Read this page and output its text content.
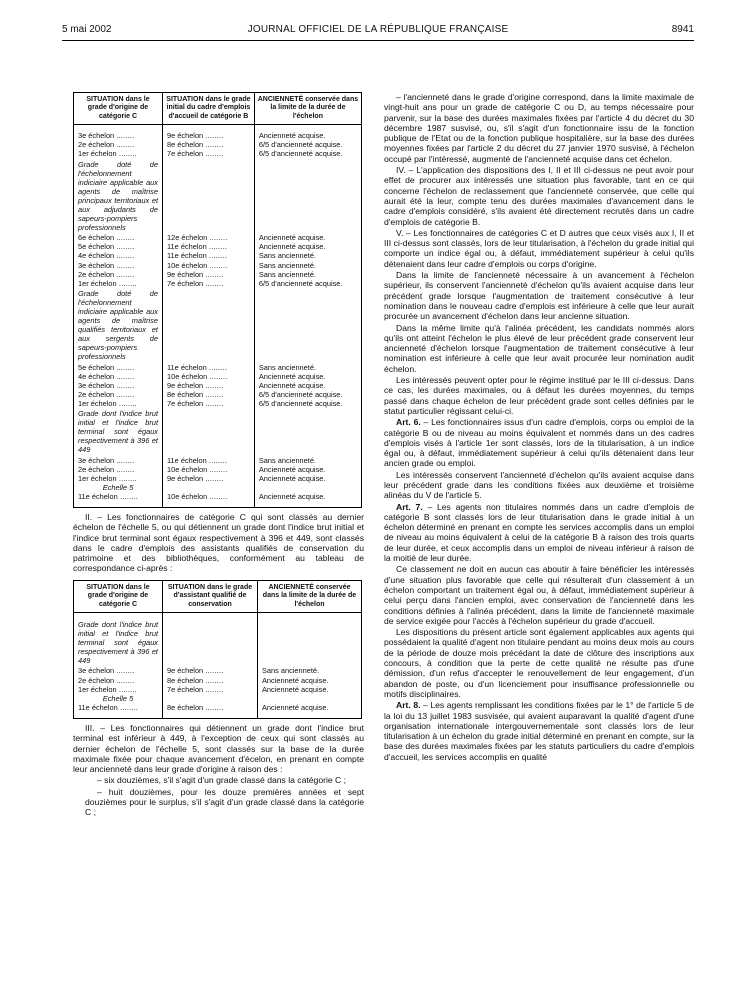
5 mai 2002	JOURNAL OFFICIEL DE LA RÉPUBLIQUE FRANÇAISE	8941
SITUATION dans le grade d'origine de catégorie C	SITUATION dans le grade initial du cadre d'emplois d'accueil de catégorie B	ANCIENNETÉ conservée dans la limite de la durée de l'échelon

3e échelon .....	9e échelon .....	Ancienneté acquise.
2e échelon .....	8e échelon .....	6/5 d'ancienneté acquise.
1er échelon .....	7e échelon .....	6/5 d'ancienneté acquise.
Grade doté de l'échelonnement indiciaire applicable aux agents de maîtrise principaux territoriaux et aux adjudants de sapeurs-pompiers professionnels		
6e échelon .....	12e échelon .....	Ancienneté acquise.
5e échelon .....	11e échelon .....	Ancienneté acquise.
4e échelon .....	11e échelon .....	Sans ancienneté.
3e échelon .....	10e échelon .....	Sans ancienneté.
2e échelon .....	9e échelon .....	Sans ancienneté.
1er échelon .....	7e échelon .....	6/5 d'ancienneté acquise.
Grade doté de l'échelonnement indiciaire applicable aux agents de maîtrise qualifiés territoriaux et aux sergents de sapeurs-pompiers professionnels		
5e échelon .....	11e échelon .....	Sans ancienneté.
4e échelon .....	10e échelon .....	Ancienneté acquise.
3e échelon .....	9e échelon .....	Ancienneté acquise.
2e échelon .....	8e échelon .....	6/5 d'ancienneté acquise.
1er échelon .....	7e échelon .....	6/5 d'ancienneté acquise.
Grade dont l'indice brut initial et l'indice brut terminal sont égaux respectivement à 396 et 449		
3e échelon .....	11e échelon .....	Sans ancienneté.
2e échelon .....	10e échelon .....	Ancienneté acquise.
1er échelon .....	9e échelon .....	Ancienneté acquise.
Echelle 5		
11e échelon .....	10e échelon .....	Ancienneté acquise.

II. – Les fonctionnaires de catégorie C qui sont classés au dernier échelon de l'échelle 5, ou qui détiennent un grade dont l'indice brut initial et l'indice brut terminal sont égaux respectivement à 396 et 449, sont classés dans le cadre d'emplois des assistants qualifiés de conservation du patrimoine et des bibliothèques, conformément au tableau de correspondance ci-après :

SITUATION dans le grade d'origine de catégorie C	SITUATION dans le grade d'assistant qualifié de conservation	ANCIENNETÉ conservée dans la limite de la durée de l'échelon

Grade dont l'indice brut initial et l'indice brut terminal sont égaux respectivement à 396 et 449		
3e échelon .....	9e échelon .....	Sans ancienneté.
2e échelon .....	8e échelon .....	Ancienneté acquise.
1er échelon .....	7e échelon .....	Ancienneté acquise.
Echelle 5		
11e échelon .....	8e échelon .....	Ancienneté acquise.

III. – Les fonctionnaires qui détiennent un grade dont l'indice brut terminal est inférieur à 449, à l'exception de ceux qui sont classés au dernier échelon de l'échelle 5, sont classés sur la base de la durée maximale fixée pour chaque avancement d'écelon, en prenant en compte leur ancienneté dans leur grade d'origine à raison des :

– six douzièmes, s'il s'agit d'un grade classé dans la catégorie C ;

– huit douzièmes, pour les douze premières années et sept douzièmes pour le surplus, s'il s'agit d'un grade classé dans la catégorie C ;

– l'ancienneté dans le grade d'origine correspond, dans la limite maximale de vingt-huit ans pour un grade de catégorie C ou D, au temps nécessaire pour parvenir, sur la base des durées maximales fixées par l'article 4 du décret du 30 décembre 1987 susvisé, ou, s'il s'agit d'un fonctionnaire issu de la fonction publique de l'Etat ou de la fonction publique hospitalière, sur la base des durées moyennes fixées par l'article 2 du décret du 27 janvier 1970 susvisé, à l'échelon occupé par l'intéressé, augmenté de l'ancienneté acquise dans cet échelon.

IV. – L'application des dispositions des I, II et III ci-dessus ne peut avoir pour effet de procurer aux intéressés une situation plus favorable, tant en ce qui concerne l'échelon de reclassement que l'ancienneté conservée, que celle qui aurait été la leur, compte tenu des durées maximales d'avancement dans le cadre d'emplois considéré, s'ils avaient été directement recrutés dans un cadre d'emplois de catégorie B.

V. – Les fonctionnaires de catégories C et D autres que ceux visés aux I, II et III ci-dessus sont classés, lors de leur titularisation, à l'échelon du grade initial qui comporte un indice égal ou, à défaut, immédiatement supérieur à celui qu'ils détenaient dans leur cadre d'emplois ou corps d'origine.

Dans la limite de l'ancienneté nécessaire à un avancement à l'échelon supérieur, ils conservent l'ancienneté d'échelon qu'ils avaient acquise dans leur précédent grade lorsque l'augmentation de traitement consécutive à leur nomination dans le nouveau cadre d'emplois est inférieure à celle que leur aurait procurée un avancement d'échelon dans leur ancienne situation.

Dans la même limite qu'à l'alinéa précédent, les candidats nommés alors qu'ils ont atteint l'échelon le plus élevé de leur précédent grade conservent leur ancienneté d'échelon lorsque l'augmentation de traitement consécutive à leur nomination est inférieure à celle que leur avait procurée leur nomination audit échelon.

Les intéressés peuvent opter pour le régime institué par le III ci-dessus. Dans ce cas, les durées maximales, ou à défaut les durées moyennes, du temps passé dans chaque échelon de leur précédent grade sont celles définies par le statut particulier régissant celui-ci.

Art. 6. – Les fonctionnaires issus d'un cadre d'emplois, corps ou emploi de la catégorie B ou de niveau au moins équivalent et nommés dans un des cadres d'emplois visés à l'article 1er sont classés, lors de la titularisation, à un indice égal ou, à défaut, immédiatement supérieur à celui qu'ils détenaient dans leur ancien grade ou emploi.

Les intéressés conservent l'ancienneté d'échelon qu'ils avaient acquise dans leur précédent grade dans les conditions fixées aux deuxième et troisième alinéas du V de l'article 5.

Art. 7. – Les agents non titulaires nommés dans un cadre d'emplois de catégorie B sont classés lors de leur titularisation dans le grade initial à un échelon déterminé en prenant en compte les services accomplis dans un emploi de niveau au moins équivalent à celui de la catégorie B à raison des trois quarts de leur durée, et ceux accomplis dans un emploi de niveau inférieur à raison de la moitié de leur durée.

Ce classement ne doit en aucun cas aboutir à faire bénéficier les intéressés d'une situation plus favorable que celle qui résulterait d'un classement à un échelon comportant un traitement égal ou, à défaut, immédiatement supérieur à celui perçu dans l'ancien emploi, avec conservation de l'ancienneté dans les conditions définies à l'alinéa précédent, dans la limite de l'ancienneté maximale de service exigée pour l'accès à l'échelon supérieur du grade d'accueil.

Les dispositions du présent article sont également applicables aux agents qui possédaient la qualité d'agent non titulaire pendant au moins deux mois au cours de la période de douze mois précédant la date de clôture des inscriptions aux concours, à condition que la perte de cette qualité ne résulte pas d'une démission, d'un refus d'accepter le renouvellement de leur engagement, d'un abandon de poste, ou d'un licenciement pour insuffisance professionnelle ou motifs disciplinaires.

Art. 8. – Les agents remplissant les conditions fixées par le 1° de l'article 5 de la loi du 13 juillet 1983 susvisée, qui avaient auparavant la qualité d'agent d'une organisation internationale intergouvernementale sont classés lors de leur titularisation à un échelon du grade initial déterminé en prenant en compte, sur la base des durées maximales fixées par les statuts particuliers du cadre d'emplois d'accueil, les services accomplis en qualité
